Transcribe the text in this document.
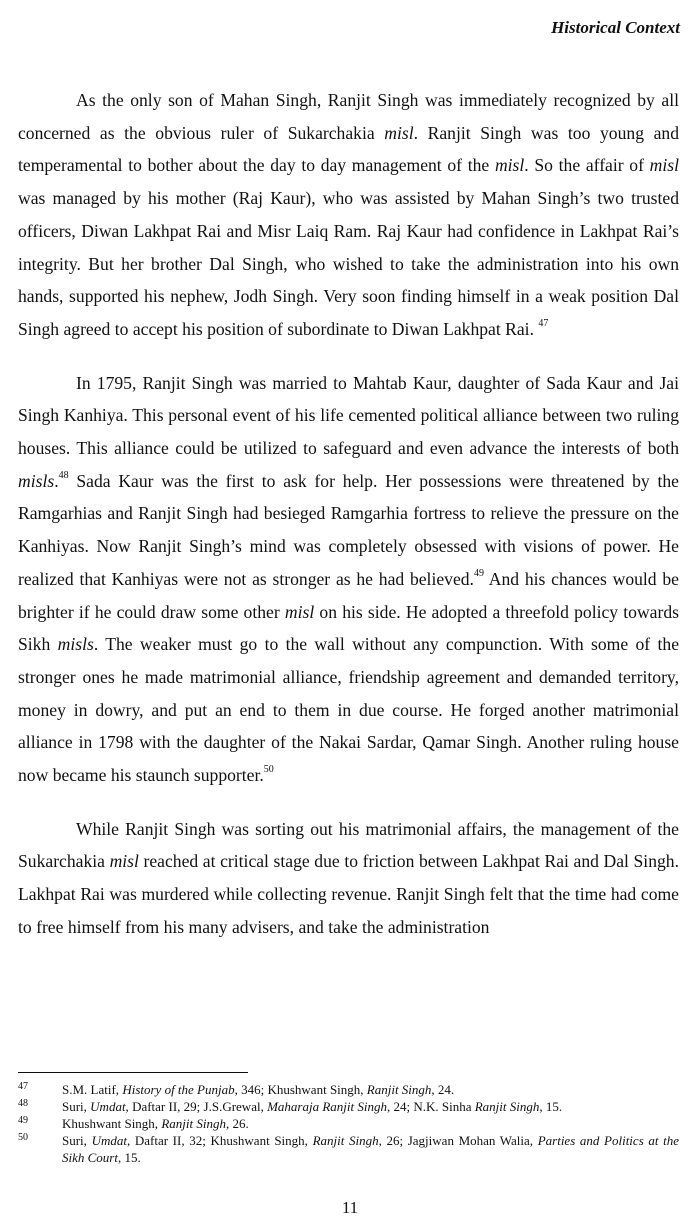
Historical Context

As the only son of Mahan Singh, Ranjit Singh was immediately recognized by all concerned as the obvious ruler of Sukarchakia misl. Ranjit Singh was too young and temperamental to bother about the day to day management of the misl. So the affair of misl was managed by his mother (Raj Kaur), who was assisted by Mahan Singh’s two trusted officers, Diwan Lakhpat Rai and Misr Laiq Ram. Raj Kaur had confidence in Lakhpat Rai’s integrity. But her brother Dal Singh, who wished to take the administration into his own hands, supported his nephew, Jodh Singh. Very soon finding himself in a weak position Dal Singh agreed to accept his position of subordinate to Diwan Lakhpat Rai. $^{47}$

In 1795, Ranjit Singh was married to Mahtab Kaur, daughter of Sada Kaur and Jai Singh Kanhiya. This personal event of his life cemented political alliance between two ruling houses. This alliance could be utilized to safeguard and even advance the interests of both misls.$^{48}$ Sada Kaur was the first to ask for help. Her possessions were threatened by the Ramgarhias and Ranjit Singh had besieged Ramgarhia fortress to relieve the pressure on the Kanhiyas. Now Ranjit Singh’s mind was completely obsessed with visions of power. He realized that Kanhiyas were not as stronger as he had believed.$^{49}$ And his chances would be brighter if he could draw some other misl on his side. He adopted a threefold policy towards Sikh misls. The weaker must go to the wall without any compunction. With some of the stronger ones he made matrimonial alliance, friendship agreement and demanded territory, money in dowry, and put an end to them in due course. He forged another matrimonial alliance in 1798 with the daughter of the Nakai Sardar, Qamar Singh. Another ruling house now became his staunch supporter.$^{50}$

While Ranjit Singh was sorting out his matrimonial affairs, the management of the Sukarchakia misl reached at critical stage due to friction between Lakhpat Rai and Dal Singh. Lakhpat Rai was murdered while collecting revenue. Ranjit Singh felt that the time had come to free himself from his many advisers, and take the administration

47	S.M. Latif, History of the Punjab, 346; Khushwant Singh, Ranjit Singh, 24.
48	Suri, Umdat, Daftar II, 29; J.S.Grewal, Maharaja Ranjit Singh, 24; N.K. Sinha Ranjit Singh, 15.
49	Khushwant Singh, Ranjit Singh, 26.
50	Suri, Umdat, Daftar II, 32; Khushwant Singh, Ranjit Singh, 26; Jagjiwan Mohan Walia, Parties and Politics at the Sikh Court, 15.
11
